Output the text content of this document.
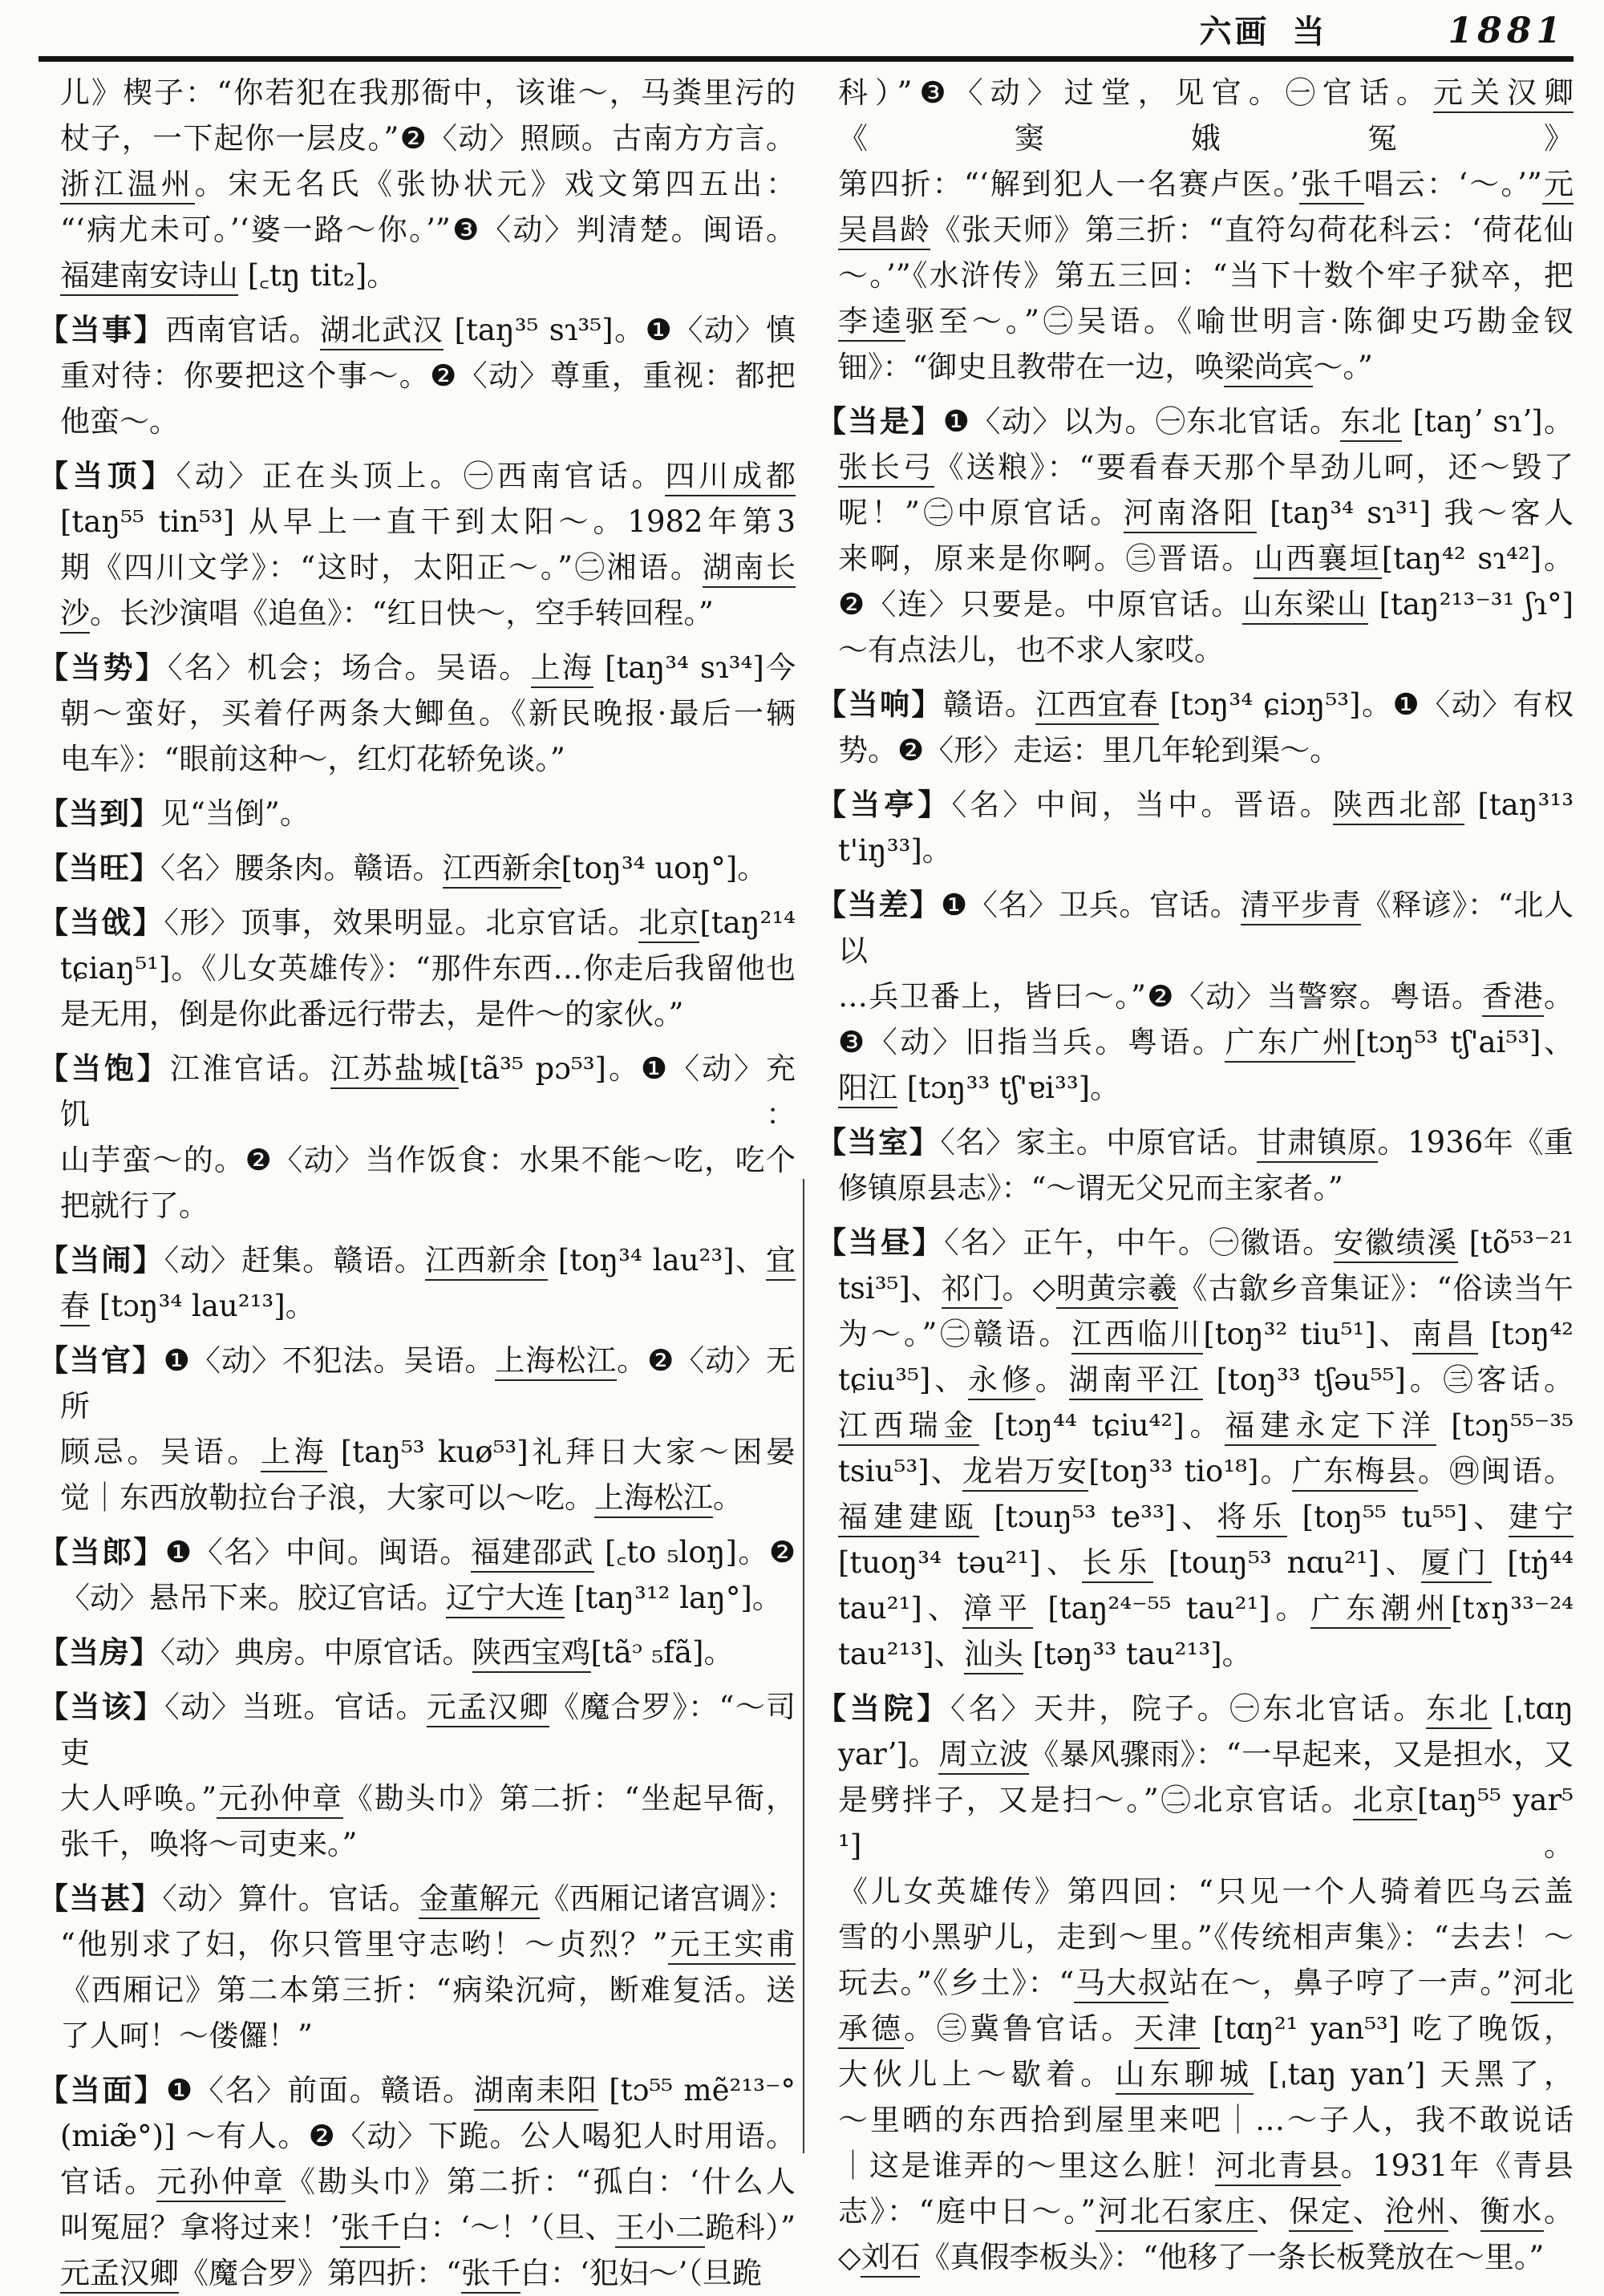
六画 当	1881
儿》楔子：“你若犯在我那衙中，该谁～，马粪里污的
杖子，一下起你一层皮。”❷〈动〉照顾。古南方方言。
浙江温州。宋无名氏《张协状元》戏文第四五出：
“‘病尤未可。’‘婆一路～你。’”❸〈动〉判清楚。闽语。
福建南安诗山 [꜀tŋ tit₂]。
【当事】西南官话。湖北武汉 [taŋ³⁵ sɿ³⁵]。❶〈动〉慎
重对待：你要把这个事～。❷〈动〉尊重，重视：都把
他蛮～。
【当顶】〈动〉正在头顶上。㊀西南官话。四川成都
[taŋ⁵⁵ tin⁵³] 从早上一直干到太阳～。1982年第3
期《四川文学》：“这时，太阳正～。”㊁湘语。湖南长
沙。长沙演唱《追鱼》：“红日快～，空手转回程。”
【当势】〈名〉机会；场合。吴语。上海 [taŋ³⁴ sɿ³⁴]今
朝～蛮好，买着仔两条大鲫鱼。《新民晚报·最后一辆
电车》：“眼前这种～，红灯花轿免谈。”
【当到】见“当倒”。
【当旺】〈名〉腰条肉。赣语。江西新余[toŋ³⁴ uoŋ°]。
【当戗】〈形〉顶事，效果明显。北京官话。北京[taŋ²¹⁴
tɕiaŋ⁵¹]。《儿女英雄传》：“那件东西…你走后我留他也
是无用，倒是你此番远行带去，是件～的家伙。”
【当饱】江淮官话。江苏盐城[tã³⁵ pɔ⁵³]。❶〈动〉充饥：
山芋蛮～的。❷〈动〉当作饭食：水果不能～吃，吃个
把就行了。
【当闹】〈动〉赶集。赣语。江西新余 [toŋ³⁴ lau²³]、宜
春 [tɔŋ³⁴ lau²¹³]。
【当官】❶〈动〉不犯法。吴语。上海松江。❷〈动〉无所
顾忌。吴语。上海 [taŋ⁵³ kuø⁵³]礼拜日大家～困晏
觉｜东西放勒拉台子浪，大家可以～吃。上海松江。
【当郎】❶〈名〉中间。闽语。福建邵武 [꜀to ₅loŋ]。❷
〈动〉悬吊下来。胶辽官话。辽宁大连 [taŋ³¹² laŋ°]。
【当房】〈动〉典房。中原官话。陕西宝鸡[tãᵓ ₅fã]。
【当该】〈动〉当班。官话。元孟汉卿《魔合罗》：“～司吏
大人呼唤。”元孙仲章《勘头巾》第二折：“坐起早衙，
张千，唤将～司吏来。”
【当甚】〈动〉算什。官话。金董解元《西厢记诸宫调》：
“他别求了妇，你只管里守志哟！～贞烈？”元王实甫
《西厢记》第二本第三折：“病染沉疴，断难复活。送
了人呵！～偻儸！”
【当面】❶〈名〉前面。赣语。湖南耒阳 [tɔ⁵⁵ mẽ²¹³⁻°
(miæ̃°)] ～有人。❷〈动〉下跪。公人喝犯人时用语。
官话。元孙仲章《勘头巾》第二折：“孤白：‘什么人
叫冤屈？拿将过来！’张千白：‘～！’（旦、王小二跪科）”
元孟汉卿《魔合罗》第四折：“张千白：‘犯妇～’（旦跪
科）”❸〈动〉过堂，见官。㊀官话。元关汉卿《窦娥冤》
第四折：“‘解到犯人一名赛卢医。’张千唱云：‘～。’”元
吴昌龄《张天师》第三折：“直符勾荷花科云：‘荷花仙
～。’”《水浒传》第五三回：“当下十数个牢子狱卒，把
李逵驱至～。”㊁吴语。《喻世明言·陈御史巧勘金钗
钿》：“御史且教带在一边，唤梁尚宾～。”
【当是】❶〈动〉以为。㊀东北官话。东北 [taŋʼ sɿʼ]。
张长弓《送粮》：“要看春天那个旱劲儿呵，还～毁了
呢！”㊁中原官话。河南洛阳 [taŋ³⁴ sɿ³¹] 我～客人
来啊，原来是你啊。㊂晋语。山西襄垣[taŋ⁴² sɿ⁴²]。
❷〈连〉只要是。中原官话。山东梁山 [taŋ²¹³⁻³¹ ʃɿ°]
～有点法儿，也不求人家哎。
【当响】赣语。江西宜春 [tɔŋ³⁴ ɕiɔŋ⁵³]。❶〈动〉有权
势。❷〈形〉走运：里几年轮到渠～。
【当亭】〈名〉中间，当中。晋语。陕西北部 [taŋ³¹³
t'iŋ³³]。
【当差】❶〈名〉卫兵。官话。清平步青《释谚》：“北人以
…兵卫番上，皆曰～。”❷〈动〉当警察。粤语。香港。
❸〈动〉旧指当兵。粤语。广东广州[tɔŋ⁵³ tʃ'ai⁵³]、
阳江 [tɔŋ³³ tʃ'ɐi³³]。
【当室】〈名〉家主。中原官话。甘肃镇原。1936年《重
修镇原县志》：“～谓无父兄而主家者。”
【当昼】〈名〉正午，中午。㊀徽语。安徽绩溪 [tõ⁵³⁻²¹
tsi³⁵]、祁门。◇明黄宗羲《古歙乡音集证》：“俗读当午
为～。”㊁赣语。江西临川[toŋ³² tiu⁵¹]、南昌 [tɔŋ⁴²
tɕiu³⁵]、永修。湖南平江 [toŋ³³ tʃəu⁵⁵]。㊂客话。
江西瑞金 [tɔŋ⁴⁴ tɕiu⁴²]。福建永定下洋 [tɔŋ⁵⁵⁻³⁵
tsiu⁵³]、龙岩万安[toŋ³³ tio¹⁸]。广东梅县。㊃闽语。
福建建瓯 [tɔuŋ⁵³ te³³]、将乐 [toŋ⁵⁵ tu⁵⁵]、建宁
[tuoŋ³⁴ təu²¹]、长乐 [touŋ⁵³ nɑu²¹]、厦门 [tŋ̇⁴⁴
tau²¹]、漳平 [taŋ²⁴⁻⁵⁵ tau²¹]。广东潮州[tɤŋ³³⁻²⁴
tau²¹³]、汕头 [təŋ³³ tau²¹³]。
【当院】〈名〉天井，院子。㊀东北官话。东北 [ˌtɑŋ
yarʼ]。周立波《暴风骤雨》：“一早起来，又是担水，又
是劈拌子，又是扫～。”㊁北京官话。北京[taŋ⁵⁵ yar⁵¹]。
《儿女英雄传》第四回：“只见一个人骑着匹乌云盖
雪的小黑驴儿，走到～里。”《传统相声集》：“去去！～
玩去。”《乡土》：“马大叔站在～，鼻子哼了一声。”河北
承德。㊂冀鲁官话。天津 [tɑŋ²¹ yan⁵³] 吃了晚饭，
大伙儿上～歇着。山东聊城 [ˌtaŋ yanʼ] 天黑了，
～里晒的东西拾到屋里来吧｜…～子人，我不敢说话
｜这是谁弄的～里这么脏！河北青县。1931年《青县
志》：“庭中日～。”河北石家庄、保定、沧州、衡水。
◇刘石《真假李板头》：“他移了一条长板凳放在～里。”
